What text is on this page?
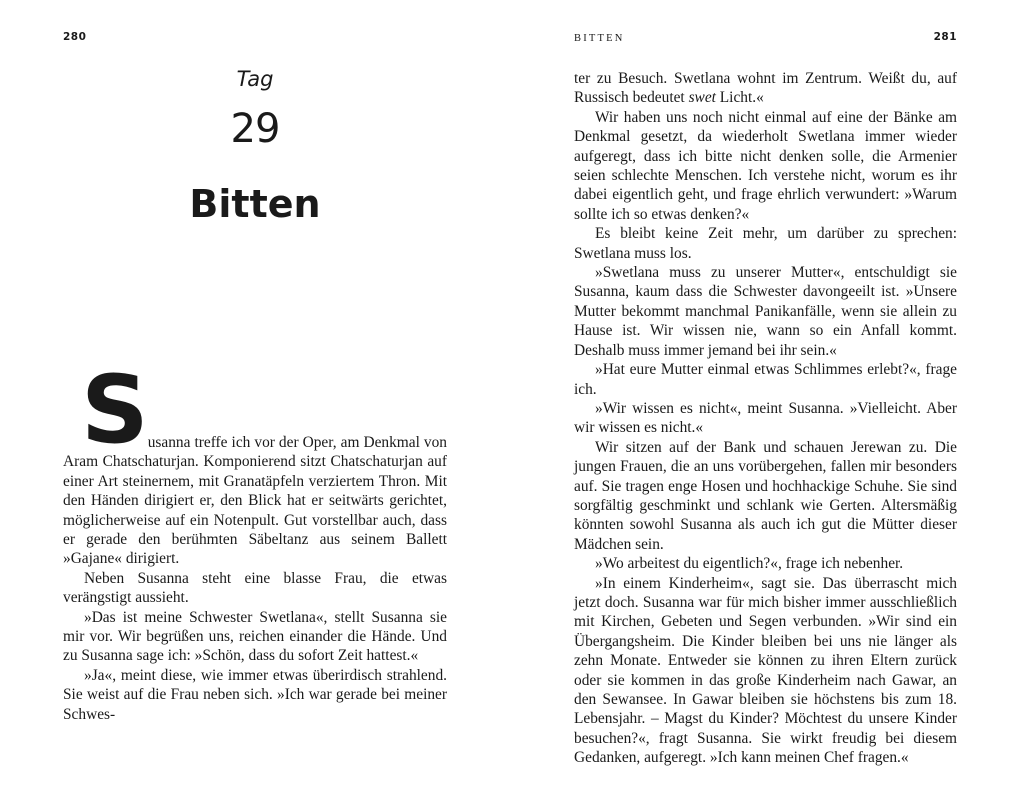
280
Tag
29
Bitten

Susanna treffe ich vor der Oper, am Denkmal von Aram Chatschaturjan. Komponierend sitzt Chatschaturjan auf einer Art steinernem, mit Granatäpfeln verziertem Thron. Mit den Händen dirigiert er, den Blick hat er seitwärts gerichtet, möglicherweise auf ein Notenpult. Gut vorstellbar auch, dass er gerade den berühmten Säbeltanz aus seinem Ballett »Gajane« dirigiert.

Neben Susanna steht eine blasse Frau, die etwas verängstigt aussieht.

»Das ist meine Schwester Swetlana«, stellt Susanna sie mir vor. Wir begrüßen uns, reichen einander die Hände. Und zu Susanna sage ich: »Schön, dass du sofort Zeit hattest.«

»Ja«, meint diese, wie immer etwas überirdisch strahlend. Sie weist auf die Frau neben sich. »Ich war gerade bei meiner Schwes-

BITTEN	281

ter zu Besuch. Swetlana wohnt im Zentrum. Weißt du, auf Russisch bedeutet swet Licht.«

Wir haben uns noch nicht einmal auf eine der Bänke am Denkmal gesetzt, da wiederholt Swetlana immer wieder aufgeregt, dass ich bitte nicht denken solle, die Armenier seien schlechte Menschen. Ich verstehe nicht, worum es ihr dabei eigentlich geht, und frage ehrlich verwundert: »Warum sollte ich so etwas denken?«

Es bleibt keine Zeit mehr, um darüber zu sprechen: Swetlana muss los.

»Swetlana muss zu unserer Mutter«, entschuldigt sie Susanna, kaum dass die Schwester davongeeilt ist. »Unsere Mutter bekommt manchmal Panikanfälle, wenn sie allein zu Hause ist. Wir wissen nie, wann so ein Anfall kommt. Deshalb muss immer jemand bei ihr sein.«

»Hat eure Mutter einmal etwas Schlimmes erlebt?«, frage ich.

»Wir wissen es nicht«, meint Susanna. »Vielleicht. Aber wir wissen es nicht.«

Wir sitzen auf der Bank und schauen Jerewan zu. Die jungen Frauen, die an uns vorübergehen, fallen mir besonders auf. Sie tragen enge Hosen und hochhackige Schuhe. Sie sind sorgfältig geschminkt und schlank wie Gerten. Altersmäßig könnten sowohl Susanna als auch ich gut die Mütter dieser Mädchen sein.

»Wo arbeitest du eigentlich?«, frage ich nebenher.

»In einem Kinderheim«, sagt sie. Das überrascht mich jetzt doch. Susanna war für mich bisher immer ausschließlich mit Kirchen, Gebeten und Segen verbunden. »Wir sind ein Übergangsheim. Die Kinder bleiben bei uns nie länger als zehn Monate. Entweder sie können zu ihren Eltern zurück oder sie kommen in das große Kinderheim nach Gawar, an den Sewansee. In Gawar bleiben sie höchstens bis zum 18. Lebensjahr. – Magst du Kinder? Möchtest du unsere Kinder besuchen?«, fragt Susanna. Sie wirkt freudig bei diesem Gedanken, aufgeregt. »Ich kann meinen Chef fragen.«
